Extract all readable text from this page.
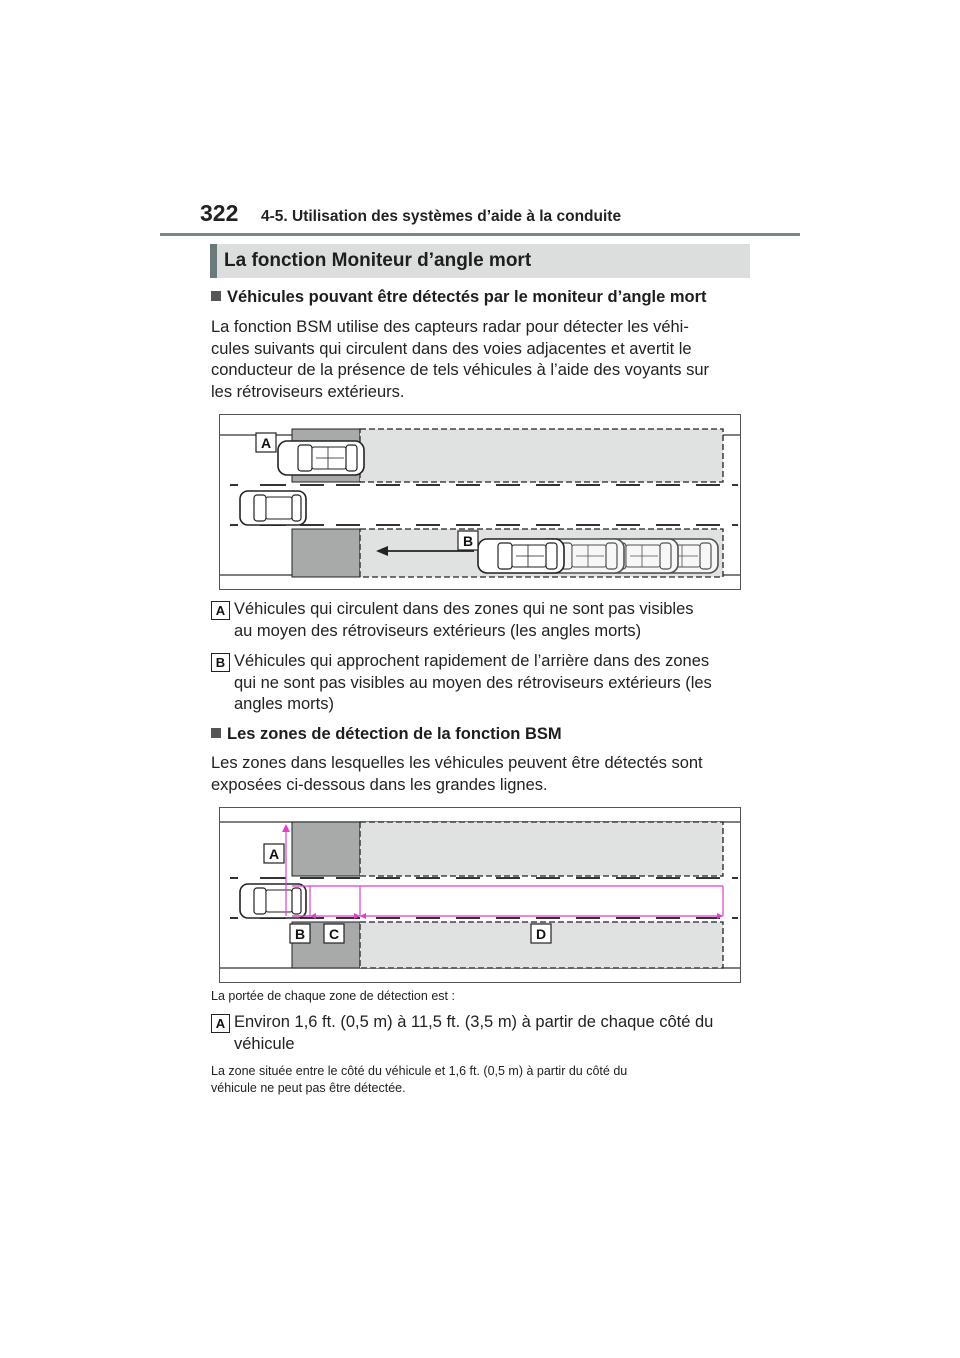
322 4-5. Utilisation des systèmes d’aide à la conduite
La fonction Moniteur d’angle mort
Véhicules pouvant être détectés par le moniteur d’angle mort
La fonction BSM utilise des capteurs radar pour détecter les véhi-
cules suivants qui circulent dans des voies adjacentes et avertit le
conducteur de la présence de tels véhicules à l’aide des voyants sur
les rétroviseurs extérieurs.
A
B
A Véhicules qui circulent dans des zones qui ne sont pas visibles
au moyen des rétroviseurs extérieurs (les angles morts)
B Véhicules qui approchent rapidement de l’arrière dans des zones
qui ne sont pas visibles au moyen des rétroviseurs extérieurs (les
angles morts)
Les zones de détection de la fonction BSM
Les zones dans lesquelles les véhicules peuvent être détectés sont
exposées ci-dessous dans les grandes lignes.
A
B C	D
La portée de chaque zone de détection est :
A Environ 1,6 ft. (0,5 m) à 11,5 ft. (3,5 m) à partir de chaque côté du
véhicule
La zone située entre le côté du véhicule et 1,6 ft. (0,5 m) à partir du côté du
véhicule ne peut pas être détectée.
